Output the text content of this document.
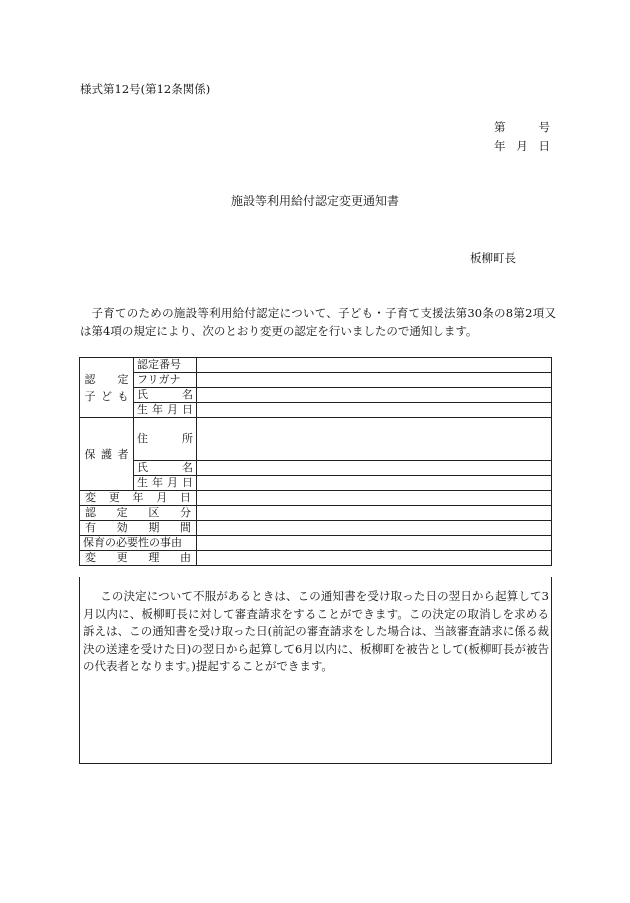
様式第12号(第12条関係)
第	号
年 月 日
施設等利用給付認定変更通知書
板柳町長
子育てのための施設等利用給付認定について、子ども・子育て支援法第30条の8第2項又は第4項の規定により、次のとおり変更の認定を行いましたので通知します。
認 定
子 ど も	認定番号	
	フリガナ	

	氏 名	

	生 年 月 日	

保 護 者	住 所	

	氏 名	

	生 年 月 日	

変 更 年 月 日		

認 定 区 分		

有 効 期 間		

保育の必要性の事由		

変 更 理 由		

この決定について不服があるときは、この通知書を受け取った日の翌日から起算して3月以内に、板柳町長に対して審査請求をすることができます。この決定の取消しを求める訴えは、この通知書を受け取った日(前記の審査請求をした場合は、当該審査請求に係る裁決の送達を受けた日)の翌日から起算して6月以内に、板柳町を被告として(板柳町長が被告の代表者となります。)提起することができます。
